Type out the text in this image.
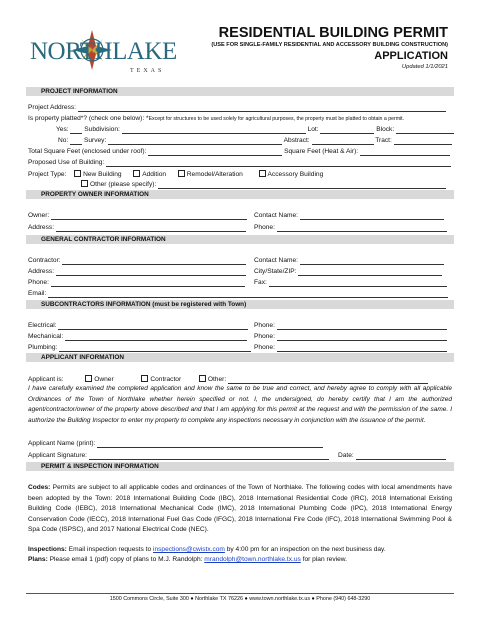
NORTHLAKE
TEXAS
RESIDENTIAL BUILDING PERMIT
(USE FOR SINGLE-FAMILY RESIDENTIAL AND ACCESSORY BUILDING CONSTRUCTION)
APPLICATION
Updated 1/1/2021
PROJECT INFORMATION
Project Address:
Is property platted*? (check one below): *Except for structures to be used solely for agricultural purposes, the property must be platted to obtain a permit.
Yes: Subdivision:	Lot:	Block:
No: Survey:	Abstract:	Tract:
Total Square Feet (enclosed under roof):	Square Feet (Heat & Air):
Proposed Use of Building:
Project Type:	New Building	Addition	Remodel/Alteration	Accessory Building
Other (please specify):
PROPERTY OWNER INFORMATION
Owner:	Contact Name:
Address:	Phone:
GENERAL CONTRACTOR INFORMATION
Contractor:	Contact Name:
Address:	City/State/ZIP:
Phone:	Fax:
Email:
SUBCONTRACTORS INFORMATION (must be registered with Town)
Electrical:	Phone:
Mechanical:	Phone:
Plumbing:	Phone:
APPLICANT INFORMATION
Applicant is:	Owner	Contractor	Other:
I have carefully examined the completed application and know the same to be true and correct, and hereby agree to comply with all applicable Ordinances of the Town of Northlake whether herein specified or not. I, the undersigned, do hereby certify that I am the authorized agent/contractor/owner of the property above described and that I am applying for this permit at the request and with the permission of the same. I authorize the Building Inspector to enter my property to complete any inspections necessary in conjunction with the issuance of the permit.
Applicant Name (print):
Applicant Signature:	Date:
PERMIT & INSPECTION INFORMATION
Codes: Permits are subject to all applicable codes and ordinances of the Town of Northlake. The following codes with local amendments have been adopted by the Town: 2018 International Building Code (IBC), 2018 International Residential Code (IRC), 2018 International Existing Building Code (IEBC), 2018 International Mechanical Code (IMC), 2018 International Plumbing Code (IPC), 2018 International Energy Conservation Code (IECC), 2018 International Fuel Gas Code (IFGC), 2018 International Fire Code (IFC), 2018 International Swimming Pool & Spa Code (ISPSC), and 2017 National Electrical Code (NEC).
Inspections: Email inspection requests to inspections@cwistx.com by 4:00 pm for an inspection on the next business day.
Plans: Please email 1 (pdf) copy of plans to M.J. Randolph: mrandolph@town.northlake.tx.us for plan review.
1500 Commons Circle, Suite 300 ● Northlake TX 76226 ● www.town.northlake.tx.us ● Phone (940) 648-3290
